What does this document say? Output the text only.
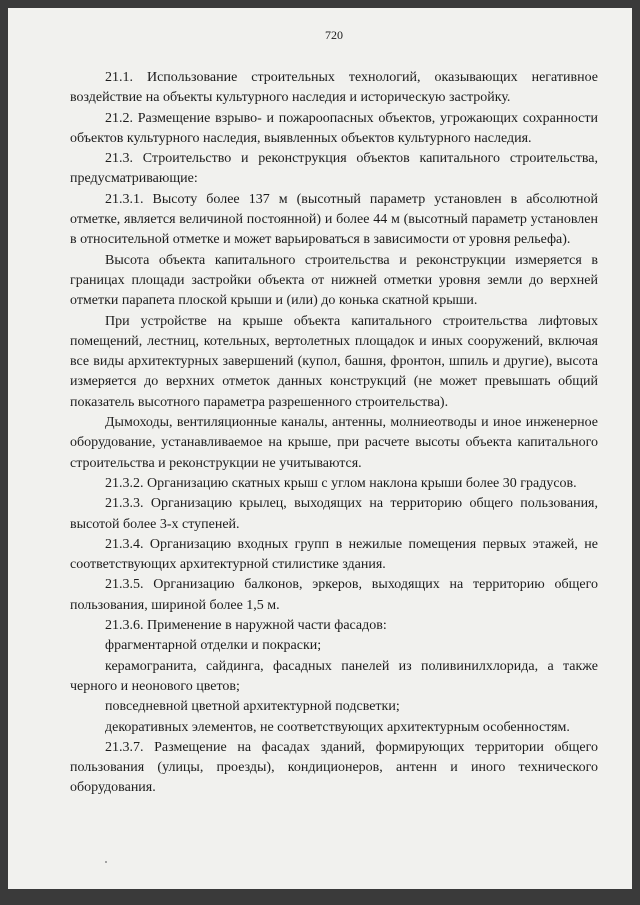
720

21.1. Использование строительных технологий, оказывающих негативное воздействие на объекты культурного наследия и историческую застройку.

21.2. Размещение взрыво- и пожароопасных объектов, угрожающих сохранности объектов культурного наследия, выявленных объектов культурного наследия.

21.3. Строительство и реконструкция объектов капитального строительства, предусматривающие:

21.3.1. Высоту более 137 м (высотный параметр установлен в абсолютной отметке, является величиной постоянной) и более 44 м (высотный параметр установлен в относительной отметке и может варьироваться в зависимости от уровня рельефа).

Высота объекта капитального строительства и реконструкции измеряется в границах площади застройки объекта от нижней отметки уровня земли до верхней отметки парапета плоской крыши и (или) до конька скатной крыши.

При устройстве на крыше объекта капитального строительства лифтовых помещений, лестниц, котельных, вертолетных площадок и иных сооружений, включая все виды архитектурных завершений (купол, башня, фронтон, шпиль и другие), высота измеряется до верхних отметок данных конструкций (не может превышать общий показатель высотного параметра разрешенного строительства).

Дымоходы, вентиляционные каналы, антенны, молниеотводы и иное инженерное оборудование, устанавливаемое на крыше, при расчете высоты объекта капитального строительства и реконструкции не учитываются.

21.3.2. Организацию скатных крыш с углом наклона крыши более 30 градусов.

21.3.3. Организацию крылец, выходящих на территорию общего пользования, высотой более 3-х ступеней.

21.3.4. Организацию входных групп в нежилые помещения первых этажей, не соответствующих архитектурной стилистике здания.

21.3.5. Организацию балконов, эркеров, выходящих на территорию общего пользования, шириной более 1,5 м.

21.3.6. Применение в наружной части фасадов:

фрагментарной отделки и покраски;

керамогранита, сайдинга, фасадных панелей из поливинилхлорида, а также черного и неонового цветов;

повседневной цветной архитектурной подсветки;

декоративных элементов, не соответствующих архитектурным особенностям.

21.3.7. Размещение на фасадах зданий, формирующих территории общего пользования (улицы, проезды), кондиционеров, антенн и иного технического оборудования.
